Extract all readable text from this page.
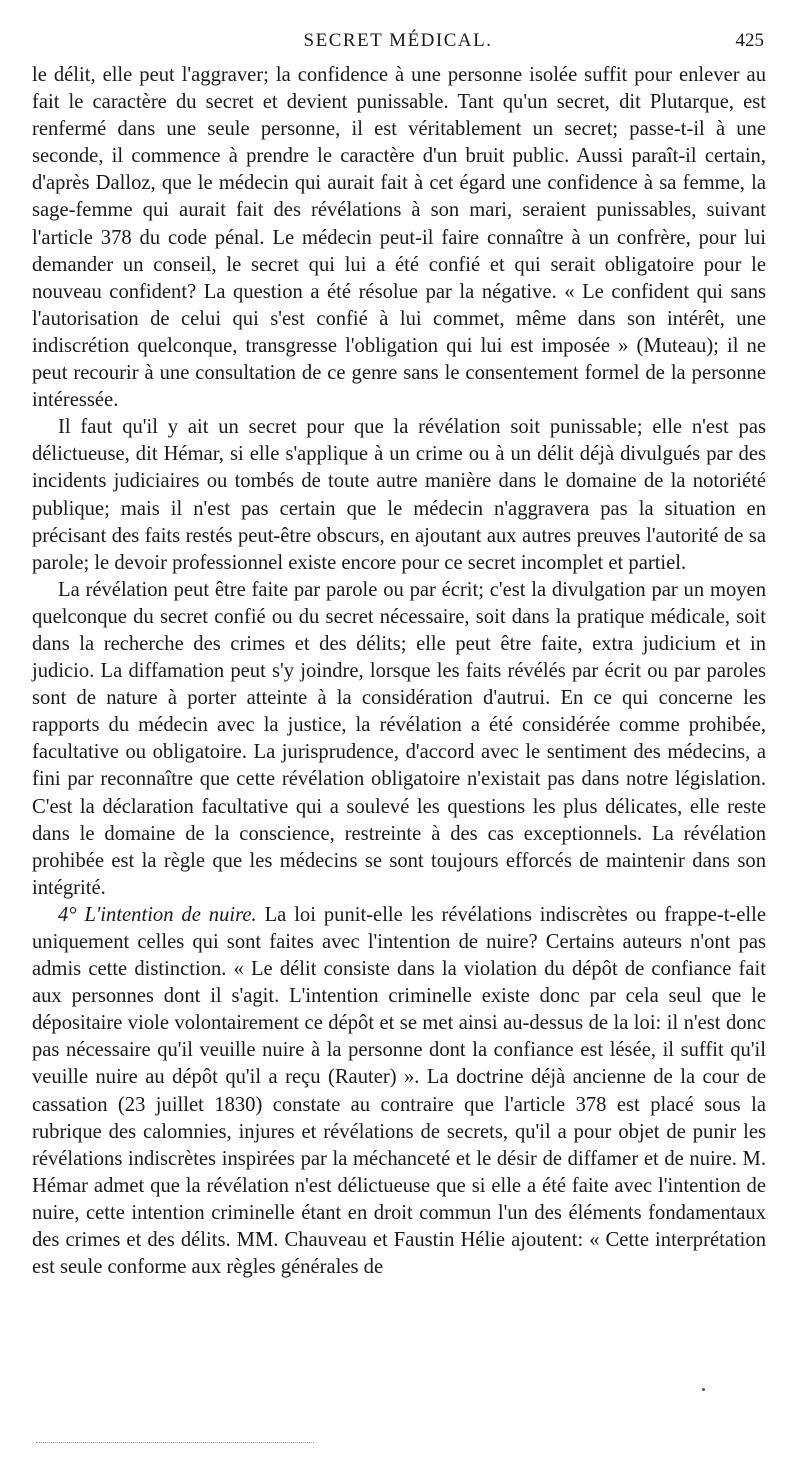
SECRET MÉDICAL.	425

le délit, elle peut l'aggraver; la confidence à une personne isolée suffit pour enlever au fait le caractère du secret et devient punissable. Tant qu'un secret, dit Plutarque, est renfermé dans une seule personne, il est véritablement un secret; passe-t-il à une seconde, il commence à prendre le caractère d'un bruit public. Aussi paraît-il certain, d'après Dalloz, que le médecin qui aurait fait à cet égard une confidence à sa femme, la sage-femme qui aurait fait des révélations à son mari, seraient punissables, suivant l'article 378 du code pénal. Le médecin peut-il faire connaître à un confrère, pour lui demander un conseil, le secret qui lui a été confié et qui serait obligatoire pour le nouveau confident? La question a été résolue par la négative. « Le confident qui sans l'autorisation de celui qui s'est confié à lui commet, même dans son intérêt, une indiscrétion quelconque, transgresse l'obligation qui lui est imposée » (Muteau); il ne peut recourir à une consultation de ce genre sans le consentement formel de la personne intéressée.

Il faut qu'il y ait un secret pour que la révélation soit punissable; elle n'est pas délictueuse, dit Hémar, si elle s'applique à un crime ou à un délit déjà divulgués par des incidents judiciaires ou tombés de toute autre manière dans le domaine de la notoriété publique; mais il n'est pas certain que le médecin n'aggravera pas la situation en précisant des faits restés peut-être obscurs, en ajoutant aux autres preuves l'autorité de sa parole; le devoir professionnel existe encore pour ce secret incomplet et partiel.

La révélation peut être faite par parole ou par écrit; c'est la divulgation par un moyen quelconque du secret confié ou du secret nécessaire, soit dans la pratique médicale, soit dans la recherche des crimes et des délits; elle peut être faite, extra judicium et in judicio. La diffamation peut s'y joindre, lorsque les faits révélés par écrit ou par paroles sont de nature à porter atteinte à la considération d'autrui. En ce qui concerne les rapports du médecin avec la justice, la révélation a été considérée comme prohibée, facultative ou obligatoire. La jurisprudence, d'accord avec le sentiment des médecins, a fini par reconnaître que cette révélation obligatoire n'existait pas dans notre législation. C'est la déclaration facultative qui a soulevé les questions les plus délicates, elle reste dans le domaine de la conscience, restreinte à des cas exceptionnels. La révélation prohibée est la règle que les médecins se sont toujours efforcés de maintenir dans son intégrité.

4° L'intention de nuire. La loi punit-elle les révélations indiscrètes ou frappe-t-elle uniquement celles qui sont faites avec l'intention de nuire? Certains auteurs n'ont pas admis cette distinction. « Le délit consiste dans la violation du dépôt de confiance fait aux personnes dont il s'agit. L'intention criminelle existe donc par cela seul que le dépositaire viole volontairement ce dépôt et se met ainsi au-dessus de la loi: il n'est donc pas nécessaire qu'il veuille nuire à la personne dont la confiance est lésée, il suffit qu'il veuille nuire au dépôt qu'il a reçu (Rauter) ». La doctrine déjà ancienne de la cour de cassation (23 juillet 1830) constate au contraire que l'article 378 est placé sous la rubrique des calomnies, injures et révélations de secrets, qu'il a pour objet de punir les révélations indiscrètes inspirées par la méchanceté et le désir de diffamer et de nuire. M. Hémar admet que la révélation n'est délictueuse que si elle a été faite avec l'intention de nuire, cette intention criminelle étant en droit commun l'un des éléments fondamentaux des crimes et des délits. MM. Chauveau et Faustin Hélie ajoutent: « Cette interprétation est seule conforme aux règles générales de
